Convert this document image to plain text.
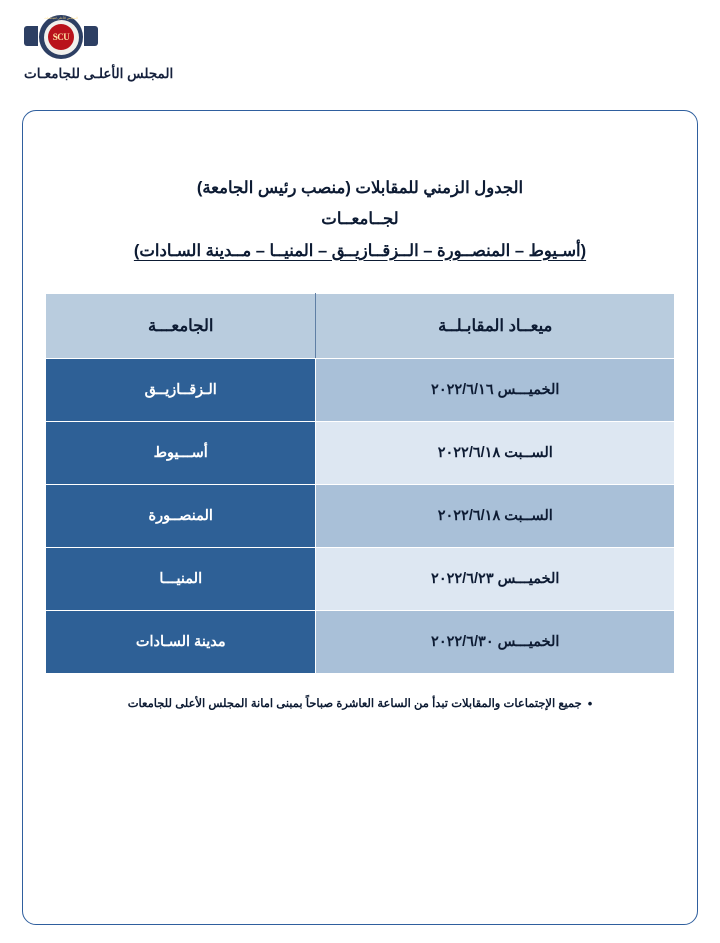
SCU
المجلس الأعلى للجامعات
المجلس الأعلـى للجامعـات
الجدول الزمني للمقابلات (منصب رئيس الجامعة)
لجــامعــات
(أسـيوط – المنصــورة – الــزقــازيــق – المنيــا – مــدينة السـادات)
ميعــاد المقابـلــة	الجامعـــة
الخميـــس ٢٠٢٢/٦/١٦	الـزقــازيــق
الســبت ٢٠٢٢/٦/١٨	أســـيوط
الســبت ٢٠٢٢/٦/١٨	المنصــورة
الخميـــس ٢٠٢٢/٦/٢٣	المنيـــا
الخميـــس ٢٠٢٢/٦/٣٠	مدينة السـادات
•
جميع الإجتماعات والمقابلات تبدأ من الساعة العاشرة صباحاً بمبنى امانة المجلس الأعلى للجامعات
